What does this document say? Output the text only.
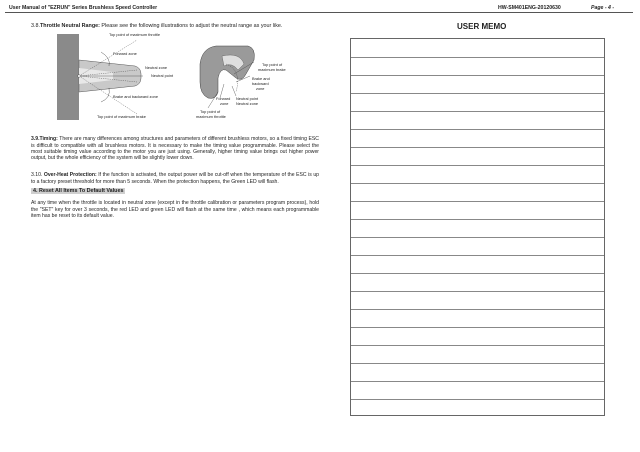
User Manual of "EZRUN" Series Brushless Speed Controller	HW-SM401ENG-20120630	Page - 4 -
3.8.Throttle Neutral Range: Please see the following illustrations to adjust the neutral range as your like.
Top point of maximum throttle
Forward zone
Neutral zone
Neutral point
Brake and backward zone
Top point of maximum brake
Top point of
maximum brake
Brake and
backward
zone
Forward
zone
Neutral point
Neutral zone
Top point of
maximum throttle

3.9.Timing: There are many differences among structures and parameters of different brushless motors, so a fixed timing ESC is difficult to compatible with all brushless motors. It is necessary to make the timing value programmable. Please select the most suitable timing value according to the motor you are just using. Generally, higher timing value brings out higher power output, but the whole efficiency of the system will be slightly lower down.

3.10. Over-Heat Protection: If the function is activated, the output power will be cut-off when the temperature of the ESC is up to a factory preset threshold for more than 5 seconds. When the protection happens, the Green LED will flash.

4. Reset All Items To Default Values

At any time when the throttle is located in neutral zone (except in the throttle calibration or parameters program process), hold the "SET" key for over 3 seconds, the red LED and green LED will flash at the same time , which means each programmable item has be reset to its default value.

USER MEMO
